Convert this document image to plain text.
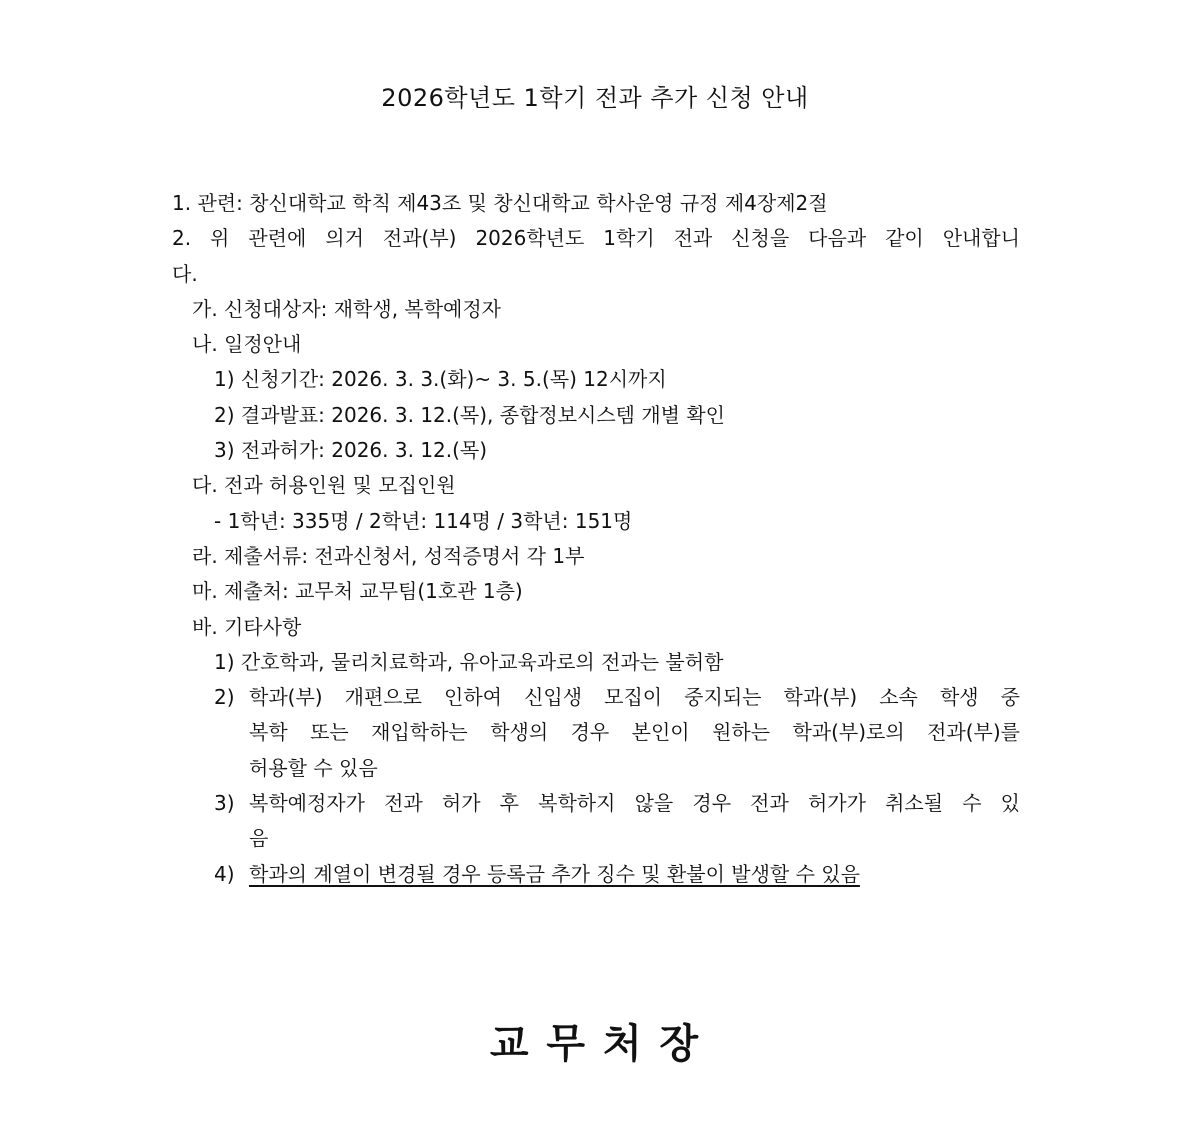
2026학년도 1학기 전과 추가 신청 안내
1. 관련: 창신대학교 학칙 제43조 및 창신대학교 학사운영 규정 제4장제2절
2. 위 관련에 의거 전과(부) 2026학년도 1학기 전과 신청을 다음과 같이 안내합니
다.
가. 신청대상자: 재학생, 복학예정자
나. 일정안내
1) 신청기간: 2026. 3. 3.(화)~ 3. 5.(목) 12시까지
2) 결과발표: 2026. 3. 12.(목), 종합정보시스템 개별 확인
3) 전과허가: 2026. 3. 12.(목)
다. 전과 허용인원 및 모집인원
- 1학년: 335명 / 2학년: 114명 / 3학년: 151명
라. 제출서류: 전과신청서, 성적증명서 각 1부
마. 제출처: 교무처 교무팀(1호관 1층)
바. 기타사항
1) 간호학과, 물리치료학과, 유아교육과로의 전과는 불허함
2) 학과(부) 개편으로 인하여 신입생 모집이 중지되는 학과(부) 소속 학생 중
복학 또는 재입학하는 학생의 경우 본인이 원하는 학과(부)로의 전과(부)를
허용할 수 있음
3) 복학예정자가 전과 허가 후 복학하지 않을 경우 전과 허가가 취소될 수 있
음
4) 학과의 계열이 변경될 경우 등록금 추가 징수 및 환불이 발생할 수 있음
교 무 처 장
